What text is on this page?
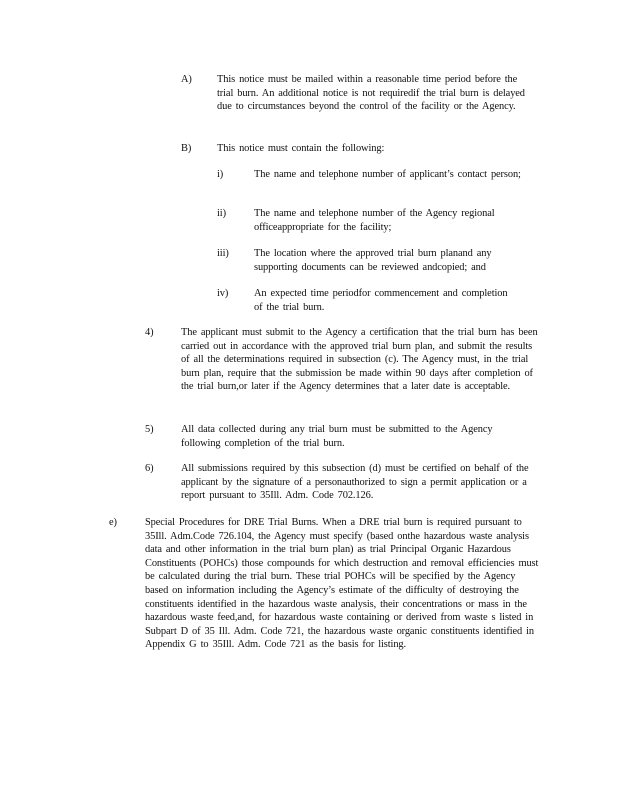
A) This notice must be mailed within a reasonable time period before the trial burn. An additional notice is not requiredif the trial burn is delayed due to circumstances beyond the control of the facility or the Agency.
B) This notice must contain the following:
i)	The name and telephone number of applicant’s contact person;
ii)	The name and telephone number of the Agency regional officeappropriate for the facility;
iii) The location where the approved trial burn planand any supporting documents can be reviewed andcopied; and
iv) An expected time periodfor commencement and completion of the trial burn.
4)	The applicant must submit to the Agency a certification that the trial burn has been carried out in accordance with the approved trial burn plan, and submit the results of all the determinations required in subsection (c). The Agency must, in the trial burn plan, require that the submission be made within 90 days after completion of the trial burn,or later if the Agency determines that a later date is acceptable.
5)	All data collected during any trial burn must be submitted to the Agency following completion of the trial burn.
6)	All submissions required by this subsection (d) must be certified on behalf of the applicant by the signature of a personauthorized to sign a permit application or a report pursuant to 35Ill. Adm. Code 702.126.
e)	Special Procedures for DRE Trial Burns. When a DRE trial burn is required pursuant to 35Ill. Adm.Code 726.104, the Agency must specify (based onthe hazardous waste analysis data and other information in the trial burn plan) as trial Principal Organic Hazardous Constituents (POHCs) those compounds for which destruction and removal efficiencies must be calculated during the trial burn. These trial POHCs will be specified by the Agency based on information including the Agency’s estimate of the difficulty of destroying the constituents identified in the hazardous waste analysis, their concentrations or mass in the hazardous waste feed,and, for hazardous waste containing or derived from waste s listed in Subpart D of 35 Ill. Adm. Code 721, the hazardous waste organic constituents identified in Appendix G to 35Ill. Adm. Code 721 as the basis for listing.
